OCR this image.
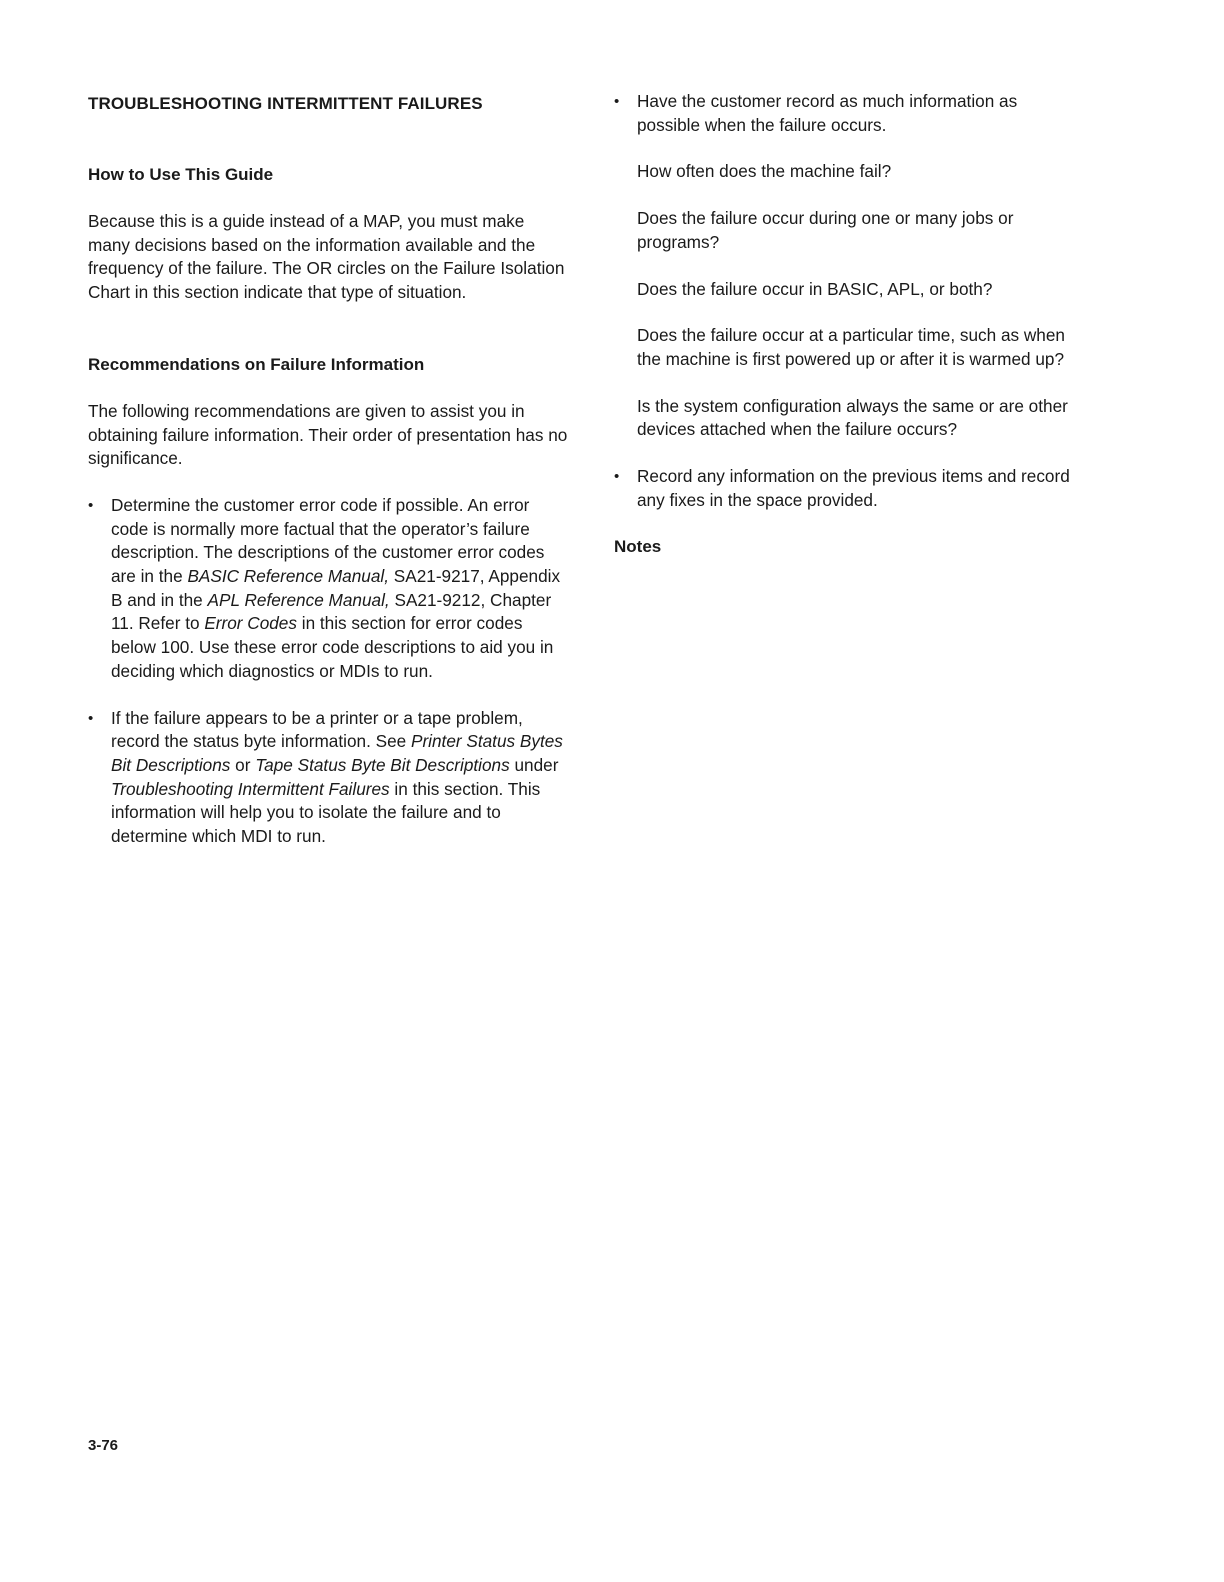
TROUBLESHOOTING INTERMITTENT FAILURES
How to Use This Guide

Because this is a guide instead of a MAP, you must make many decisions based on the information available and the frequency of the failure. The OR circles on the Failure Isolation Chart in this section indicate that type of situation.

Recommendations on Failure Information

The following recommendations are given to assist you in obtaining failure information. Their order of presentation has no significance.

• Determine the customer error code if possible. An error code is normally more factual that the operator’s failure description. The descriptions of the customer error codes are in the BASIC Reference Manual, SA21-9217, Appendix B and in the APL Reference Manual, SA21-9212, Chapter 11. Refer to Error Codes in this section for error codes below 100. Use these error code descriptions to aid you in deciding which diagnostics or MDIs to run.

• If the failure appears to be a printer or a tape problem, record the status byte information. See Printer Status Bytes Bit Descriptions or Tape Status Byte Bit Descriptions under Troubleshooting Intermittent Failures in this section. This information will help you to isolate the failure and to determine which MDI to run.

• Have the customer record as much information as possible when the failure occurs.

How often does the machine fail?

Does the failure occur during one or many jobs or programs?

Does the failure occur in BASIC, APL, or both?

Does the failure occur at a particular time, such as when the machine is first powered up or after it is warmed up?

Is the system configuration always the same or are other devices attached when the failure occurs?

• Record any information on the previous items and record any fixes in the space provided.

Notes
3-76
